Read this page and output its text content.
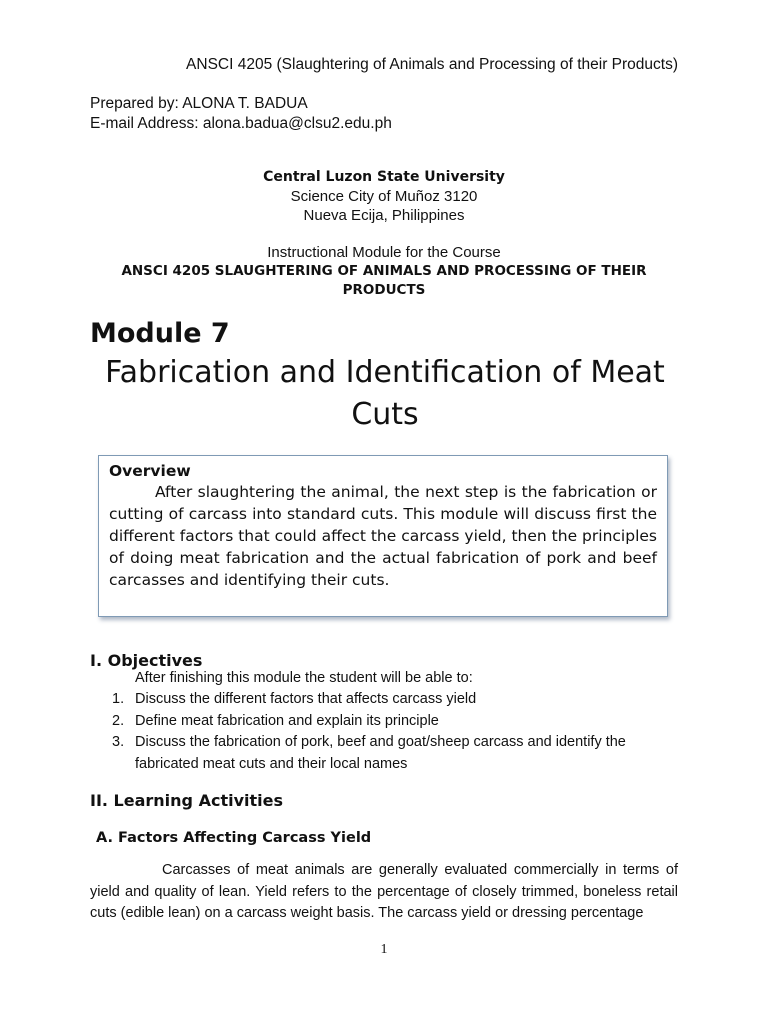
ANSCI 4205 (Slaughtering of Animals and Processing of their Products)
Prepared by: ALONA T. BADUA
E-mail Address: alona.badua@clsu2.edu.ph
Central Luzon State University
Science City of Muñoz 3120
Nueva Ecija, Philippines
Instructional Module for the Course
ANSCI 4205 SLAUGHTERING OF ANIMALS AND PROCESSING OF THEIR PRODUCTS
Module 7
Fabrication and Identification of Meat Cuts
Overview
After slaughtering the animal, the next step is the fabrication or cutting of carcass into standard cuts. This module will discuss first the different factors that could affect the carcass yield, then the principles of doing meat fabrication and the actual fabrication of pork and beef carcasses and identifying their cuts.
I. Objectives
After finishing this module the student will be able to:
1. Discuss the different factors that affects carcass yield
2. Define meat fabrication and explain its principle
3. Discuss the fabrication of pork, beef and goat/sheep carcass and identify the fabricated meat cuts and their local names
II. Learning Activities
A. Factors Affecting Carcass Yield
Carcasses of meat animals are generally evaluated commercially in terms of yield and quality of lean. Yield refers to the percentage of closely trimmed, boneless retail cuts (edible lean) on a carcass weight basis. The carcass yield or dressing percentage
1
